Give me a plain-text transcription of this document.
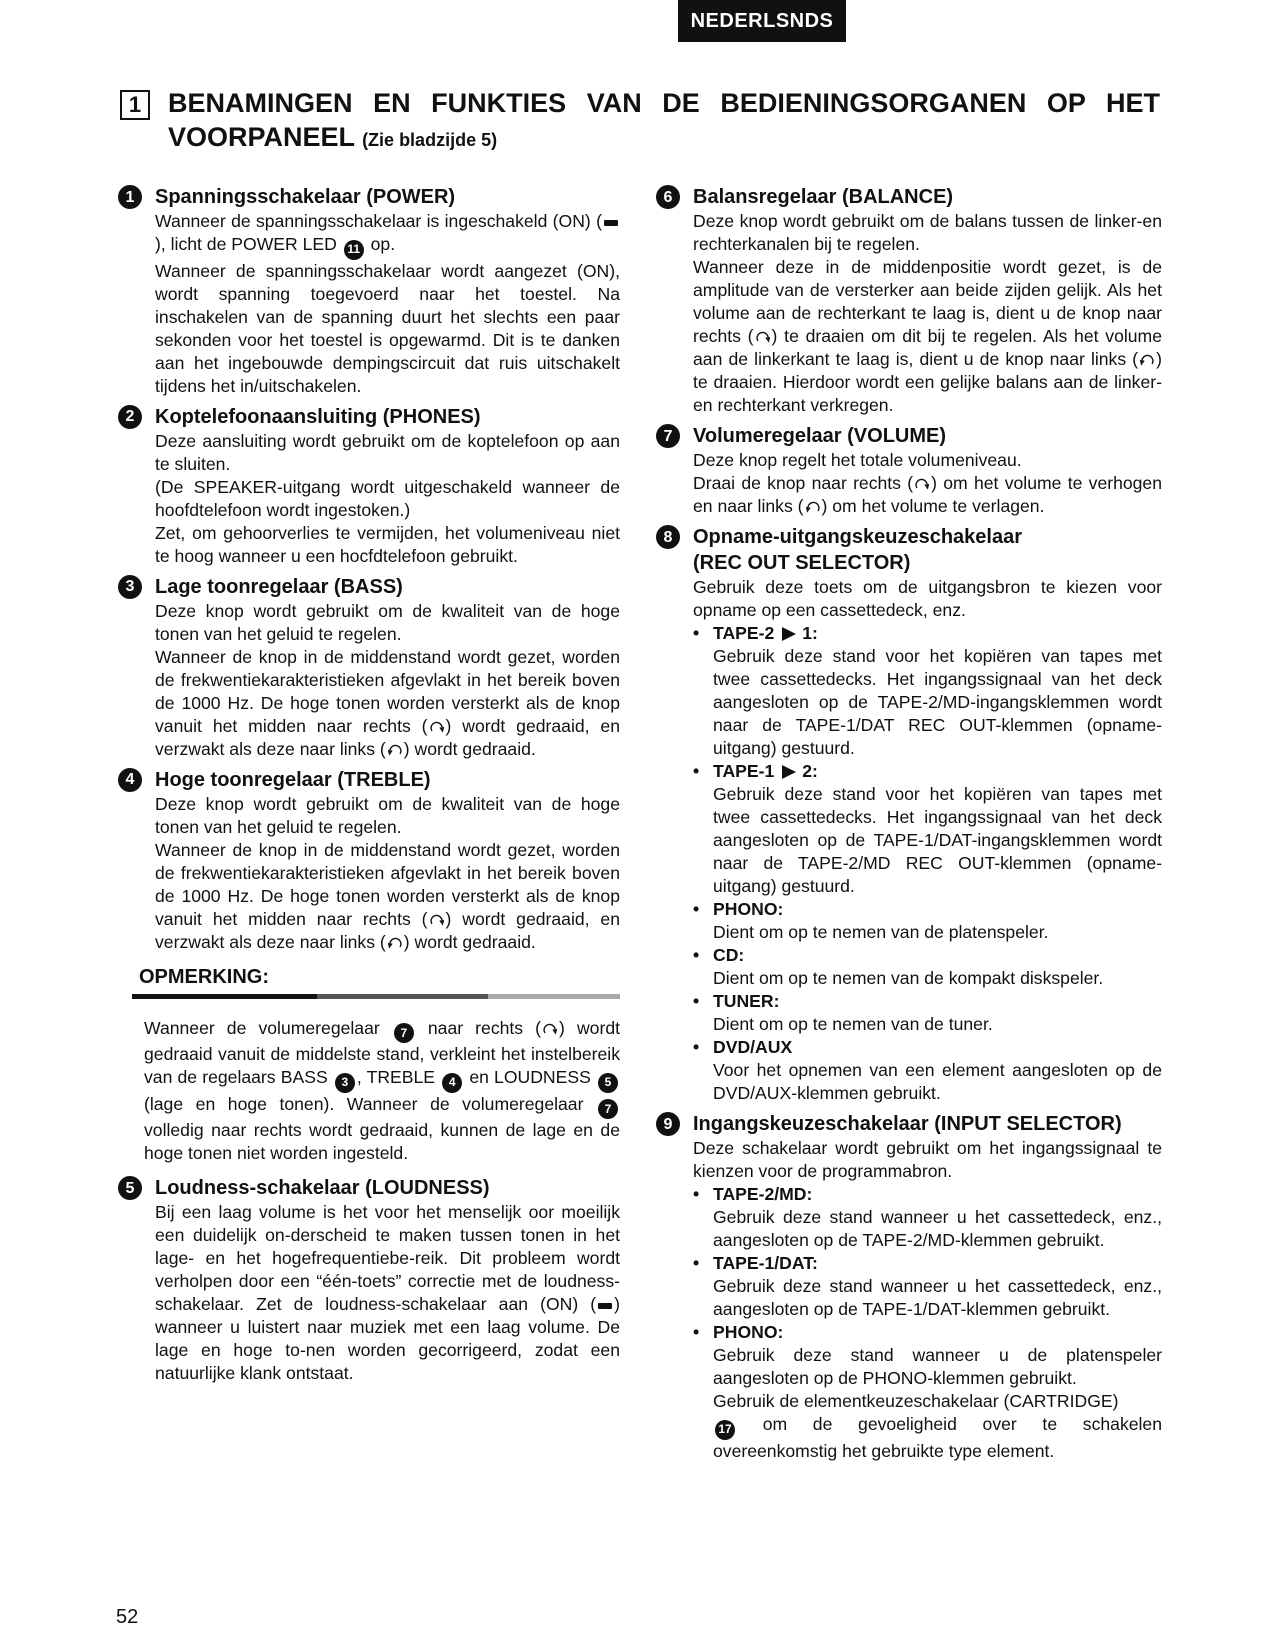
NEDERLSNDS
1 BENAMINGEN EN FUNKTIES VAN DE BEDIENINGSORGANEN OP HET
VOORPANEEL (Zie bladzijde 5)
1	Spanningsschakelaar (POWER)
Wanneer de spanningsschakelaar is ingeschakeld (ON) (), licht de POWER LED 11 op.
Wanneer de spanningsschakelaar wordt aangezet (ON), wordt spanning toegevoerd naar het toestel. Na inschakelen van de spanning duurt het slechts een paar sekonden voor het toestel is opgewarmd. Dit is te danken aan het ingebouwde dempingscircuit dat ruis uitschakelt tijdens het in/uitschakelen.
2	Koptelefoonaansluiting (PHONES)
Deze aansluiting wordt gebruikt om de koptelefoon op aan te sluiten.
(De SPEAKER-uitgang wordt uitgeschakeld wanneer de hoofdtelefoon wordt ingestoken.)
Zet, om gehoorverlies te vermijden, het volumeniveau niet te hoog wanneer u een hocfdtelefoon gebruikt.
3	Lage toonregelaar (BASS)
Deze knop wordt gebruikt om de kwaliteit van de hoge tonen van het geluid te regelen.
Wanneer de knop in de middenstand wordt gezet, worden de frekwentiekarakteristieken afgevlakt in het bereik boven de 1000 Hz. De hoge tonen worden versterkt als de knop vanuit het midden naar rechts ( ) wordt gedraaid, en verzwakt als deze naar links ( ) wordt gedraaid.
4	Hoge toonregelaar (TREBLE)
Deze knop wordt gebruikt om de kwaliteit van de hoge tonen van het geluid te regelen.
Wanneer de knop in de middenstand wordt gezet, worden de frekwentiekarakteristieken afgevlakt in het bereik boven de 1000 Hz. De hoge tonen worden versterkt als de knop vanuit het midden naar rechts ( ) wordt gedraaid, en verzwakt als deze naar links ( ) wordt gedraaid.
OPMERKING:
Wanneer de volumeregelaar 7 naar rechts ( ) wordt gedraaid vanuit de middelste stand, verkleint het instelbereik van de regelaars BASS 3 , TREBLE 4 en LOUDNESS 5 (lage en hoge tonen). Wanneer de volumeregelaar 7 volledig naar rechts wordt gedraaid, kunnen de lage en de hoge tonen niet worden ingesteld.
5	Loudness-schakelaar (LOUDNESS)
Bij een laag volume is het voor het menselijk oor moeilijk een duidelijk on-derscheid te maken tussen tonen in het lage- en het hogefrequentiebe-reik. Dit probleem wordt verholpen door een “één-toets” correctie met de loudness-schakelaar. Zet de loudness-schakelaar aan (ON) ( ) wanneer u luistert naar muziek met een laag volume. De lage en hoge to-nen worden gecorrigeerd, zodat een natuurlijke klank ontstaat.
6	Balansregelaar (BALANCE)
Deze knop wordt gebruikt om de balans tussen de linker-en rechterkanalen bij te regelen.
Wanneer deze in de middenpositie wordt gezet, is de amplitude van de versterker aan beide zijden gelijk. Als het volume aan de rechterkant te laag is, dient u de knop naar rechts ( ) te draaien om dit bij te regelen. Als het volume aan de linkerkant te laag is, dient u de knop naar links ( ) te draaien. Hierdoor wordt een gelijke balans aan de linker-en rechterkant verkregen.
7	Volumeregelaar (VOLUME)
Deze knop regelt het totale volumeniveau.
Draai de knop naar rechts ( ) om het volume te verhogen en naar links ( ) om het volume te verlagen.
8	Opname-uitgangskeuzeschakelaar
(REC OUT SELECTOR)
Gebruik deze toets om de uitgangsbron te kiezen voor opname op een cassettedeck, enz.
• TAPE-2 1:
Gebruik deze stand voor het kopiëren van tapes met twee cassettedecks. Het ingangssignaal van het deck aangesloten op de TAPE-2/MD-ingangsklemmen wordt naar de TAPE-1/DAT REC OUT-klemmen (opname-uitgang) gestuurd.
• TAPE-1 2:
Gebruik deze stand voor het kopiëren van tapes met twee cassettedecks. Het ingangssignaal van het deck aangesloten op de TAPE-1/DAT-ingangsklemmen wordt naar de TAPE-2/MD REC OUT-klemmen (opname-uitgang) gestuurd.
• PHONO:
Dient om op te nemen van de platenspeler.
• CD:
Dient om op te nemen van de kompakt diskspeler.
• TUNER:
Dient om op te nemen van de tuner.
• DVD/AUX
Voor het opnemen van een element aangesloten op de DVD/AUX-klemmen gebruikt.
9	Ingangskeuzeschakelaar (INPUT SELECTOR)
Deze schakelaar wordt gebruikt om het ingangssignaal te kienzen voor de programmabron.
• TAPE-2/MD:
Gebruik deze stand wanneer u het cassettedeck, enz., aangesloten op de TAPE-2/MD-klemmen gebruikt.
• TAPE-1/DAT:
Gebruik deze stand wanneer u het cassettedeck, enz., aangesloten op de TAPE-1/DAT-klemmen gebruikt.
• PHONO:
Gebruik deze stand wanneer u de platenspeler aangesloten op de PHONO-klemmen gebruikt.
Gebruik de elementkeuzeschakelaar (CARTRIDGE)
17 om de gevoeligheid over te schakelen overeenkomstig het gebruikte type element.
52
